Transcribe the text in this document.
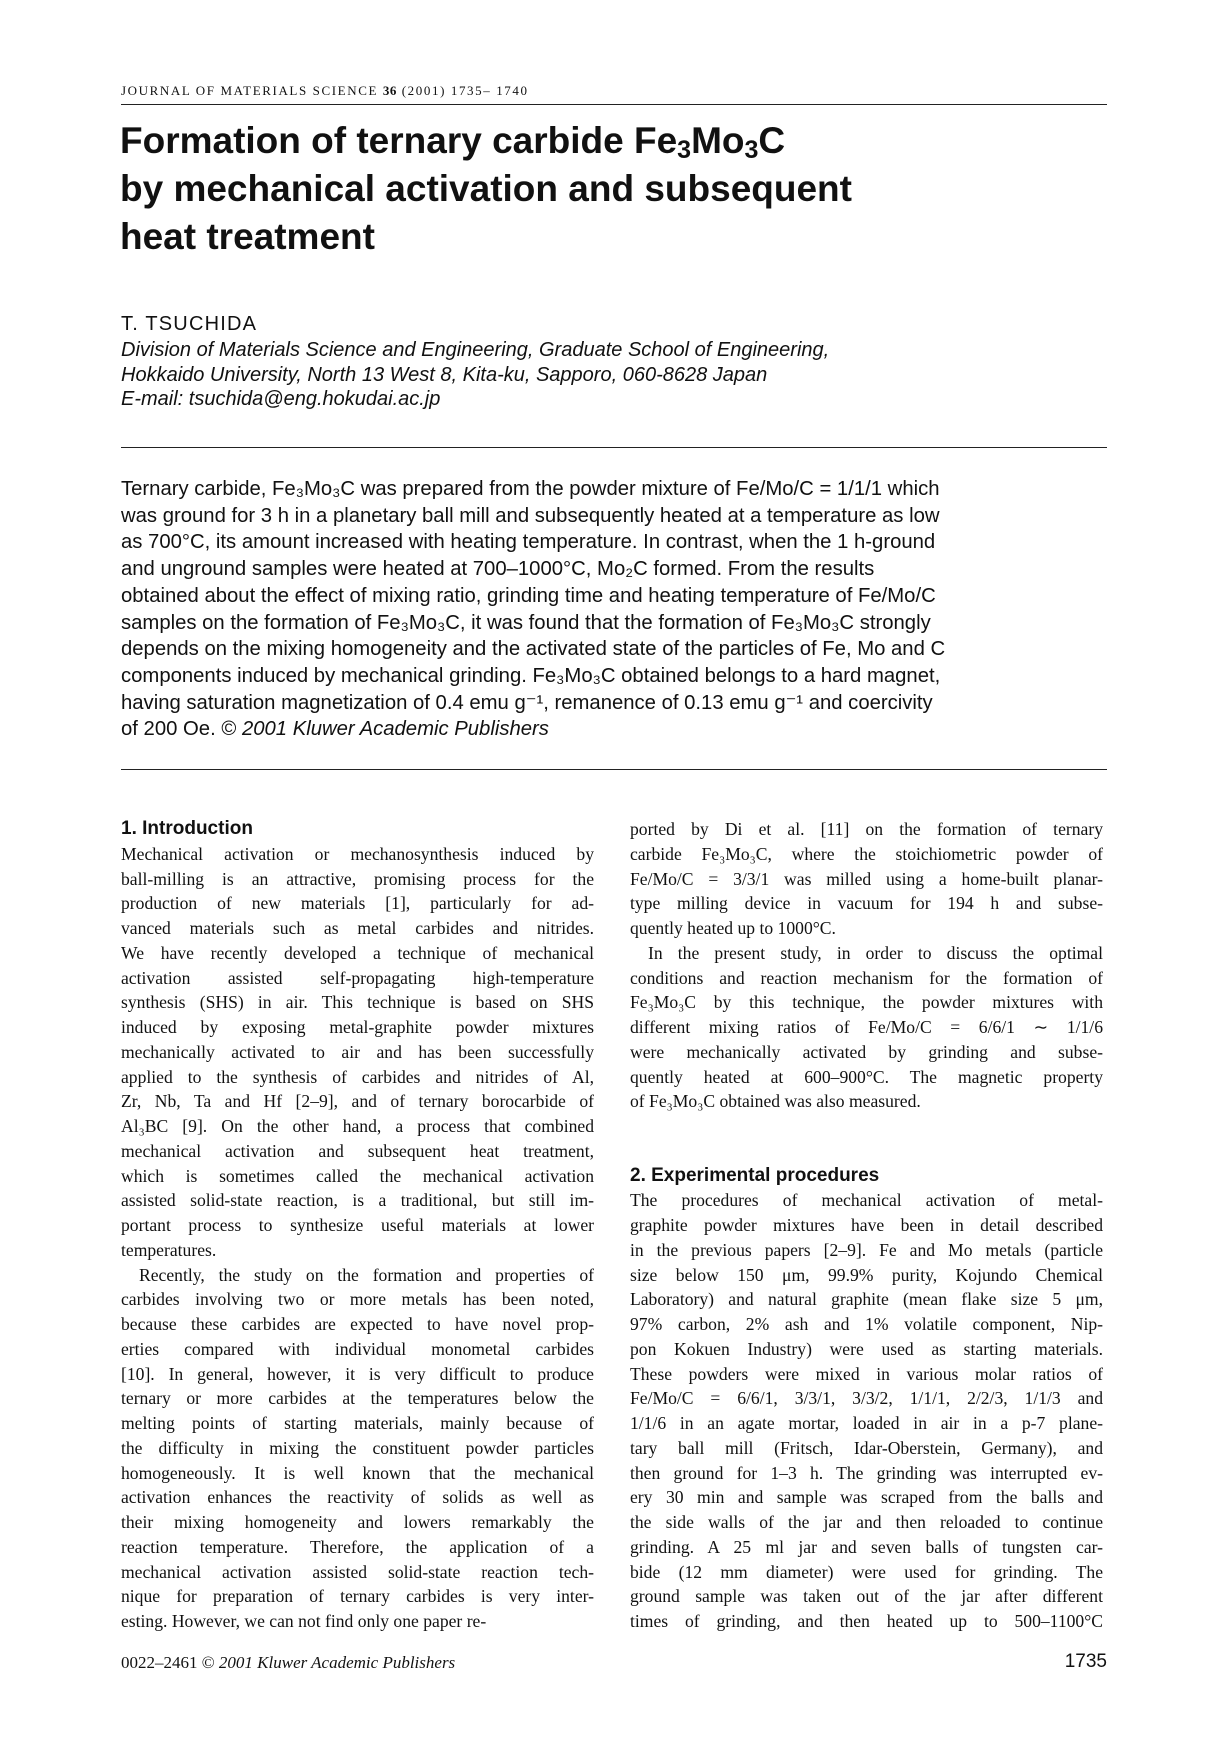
JOURNAL OF MATERIALS SCIENCE 36 (2001) 1735– 1740
Formation of ternary carbide $Fe_3Mo_3C$
by mechanical activation and subsequent
heat treatment
T. TSUCHIDA
Division of Materials Science and Engineering, Graduate School of Engineering,
Hokkaido University, North 13 West 8, Kita-ku, Sapporo, 060-8628 Japan
E-mail: tsuchida@eng.hokudai.ac.jp
Ternary carbide, Fe₃Mo₃C was prepared from the powder mixture of Fe/Mo/C = 1/1/1 which
was ground for 3 h in a planetary ball mill and subsequently heated at a temperature as low
as 700°C, its amount increased with heating temperature. In contrast, when the 1 h-ground
and unground samples were heated at 700–1000°C, Mo₂C formed. From the results
obtained about the effect of mixing ratio, grinding time and heating temperature of Fe/Mo/C
samples on the formation of Fe₃Mo₃C, it was found that the formation of Fe₃Mo₃C strongly
depends on the mixing homogeneity and the activated state of the particles of Fe, Mo and C
components induced by mechanical grinding. Fe₃Mo₃C obtained belongs to a hard magnet,
having saturation magnetization of 0.4 emu g⁻¹, remanence of 0.13 emu g⁻¹ and coercivity
of 200 Oe. © 2001 Kluwer Academic Publishers
1. Introduction
Mechanical activation or mechanosynthesis induced by
ball-milling is an attractive, promising process for the
production of new materials [1], particularly for ad-
vanced materials such as metal carbides and nitrides.
We have recently developed a technique of mechanical
activation assisted self-propagating high-temperature
synthesis (SHS) in air. This technique is based on SHS
induced by exposing metal-graphite powder mixtures
mechanically activated to air and has been successfully
applied to the synthesis of carbides and nitrides of Al,
Zr, Nb, Ta and Hf [2–9], and of ternary borocarbide of
Al₃BC [9]. On the other hand, a process that combined
mechanical activation and subsequent heat treatment,
which is sometimes called the mechanical activation
assisted solid-state reaction, is a traditional, but still im-
portant process to synthesize useful materials at lower
temperatures.
Recently, the study on the formation and properties of
carbides involving two or more metals has been noted,
because these carbides are expected to have novel prop-
erties compared with individual monometal carbides
[10]. In general, however, it is very difficult to produce
ternary or more carbides at the temperatures below the
melting points of starting materials, mainly because of
the difficulty in mixing the constituent powder particles
homogeneously. It is well known that the mechanical
activation enhances the reactivity of solids as well as
their mixing homogeneity and lowers remarkably the
reaction temperature. Therefore, the application of a
mechanical activation assisted solid-state reaction tech-
nique for preparation of ternary carbides is very inter-
esting. However, we can not find only one paper re-
ported by Di et al. [11] on the formation of ternary
carbide Fe₃Mo₃C, where the stoichiometric powder of
Fe/Mo/C = 3/3/1 was milled using a home-built planar-
type milling device in vacuum for 194 h and subse-
quently heated up to 1000°C.
In the present study, in order to discuss the optimal
conditions and reaction mechanism for the formation of
Fe₃Mo₃C by this technique, the powder mixtures with
different mixing ratios of Fe/Mo/C = 6/6/1 ∼ 1/1/6
were mechanically activated by grinding and subse-
quently heated at 600–900°C. The magnetic property
of Fe₃Mo₃C obtained was also measured.
2. Experimental procedures
The procedures of mechanical activation of metal-
graphite powder mixtures have been in detail described
in the previous papers [2–9]. Fe and Mo metals (particle
size below 150 μm, 99.9% purity, Kojundo Chemical
Laboratory) and natural graphite (mean flake size 5 μm,
97% carbon, 2% ash and 1% volatile component, Nip-
pon Kokuen Industry) were used as starting materials.
These powders were mixed in various molar ratios of
Fe/Mo/C = 6/6/1, 3/3/1, 3/3/2, 1/1/1, 2/2/3, 1/1/3 and
1/1/6 in an agate mortar, loaded in air in a p-7 plane-
tary ball mill (Fritsch, Idar-Oberstein, Germany), and
then ground for 1–3 h. The grinding was interrupted ev-
ery 30 min and sample was scraped from the balls and
the side walls of the jar and then reloaded to continue
grinding. A 25 ml jar and seven balls of tungsten car-
bide (12 mm diameter) were used for grinding. The
ground sample was taken out of the jar after different
times of grinding, and then heated up to 500–1100°C
0022–2461 © 2001 Kluwer Academic Publishers	1735
